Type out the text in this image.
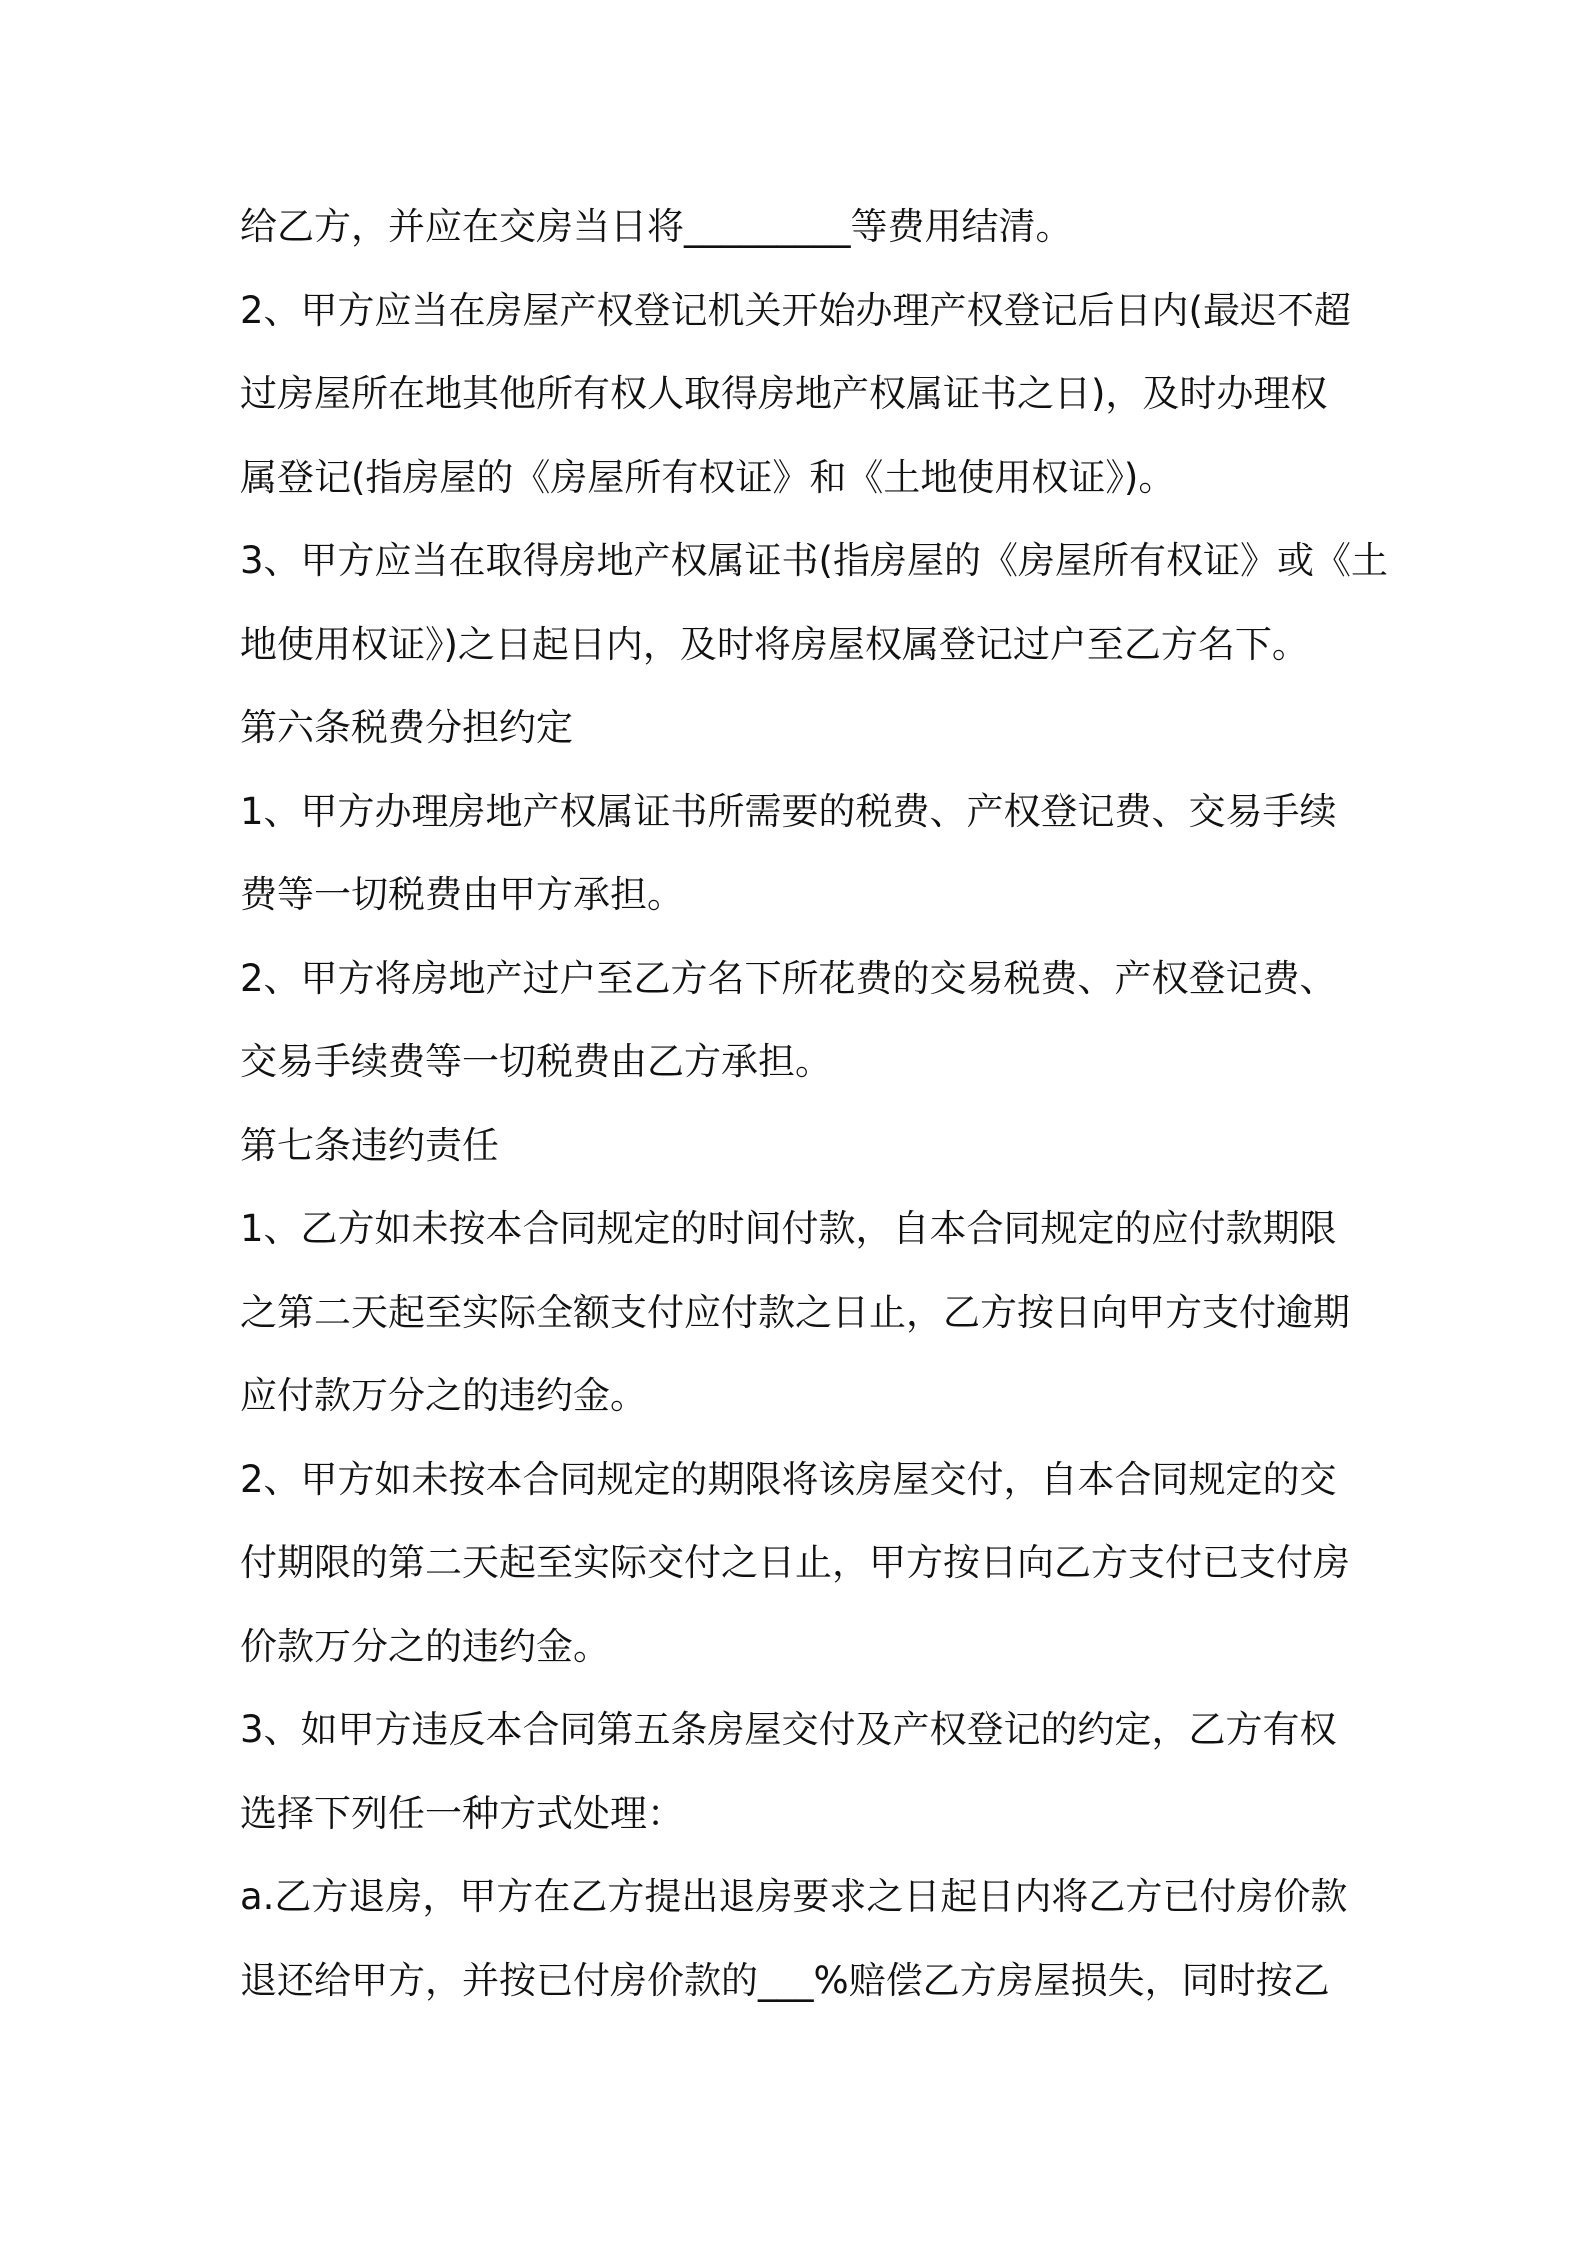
给乙方，并应在交房当日将_________等费用结清。
2、甲方应当在房屋产权登记机关开始办理产权登记后日内(最迟不超
过房屋所在地其他所有权人取得房地产权属证书之日)，及时办理权
属登记(指房屋的《房屋所有权证》和《土地使用权证》)。
3、甲方应当在取得房地产权属证书(指房屋的《房屋所有权证》或《土
地使用权证》)之日起日内，及时将房屋权属登记过户至乙方名下。
第六条税费分担约定
1、甲方办理房地产权属证书所需要的税费、产权登记费、交易手续
费等一切税费由甲方承担。
2、甲方将房地产过户至乙方名下所花费的交易税费、产权登记费、
交易手续费等一切税费由乙方承担。
第七条违约责任
1、乙方如未按本合同规定的时间付款，自本合同规定的应付款期限
之第二天起至实际全额支付应付款之日止，乙方按日向甲方支付逾期
应付款万分之的违约金。
2、甲方如未按本合同规定的期限将该房屋交付，自本合同规定的交
付期限的第二天起至实际交付之日止，甲方按日向乙方支付已支付房
价款万分之的违约金。
3、如甲方违反本合同第五条房屋交付及产权登记的约定，乙方有权
选择下列任一种方式处理：
a.乙方退房，甲方在乙方提出退房要求之日起日内将乙方已付房价款
退还给甲方，并按已付房价款的___%赔偿乙方房屋损失，同时按乙
